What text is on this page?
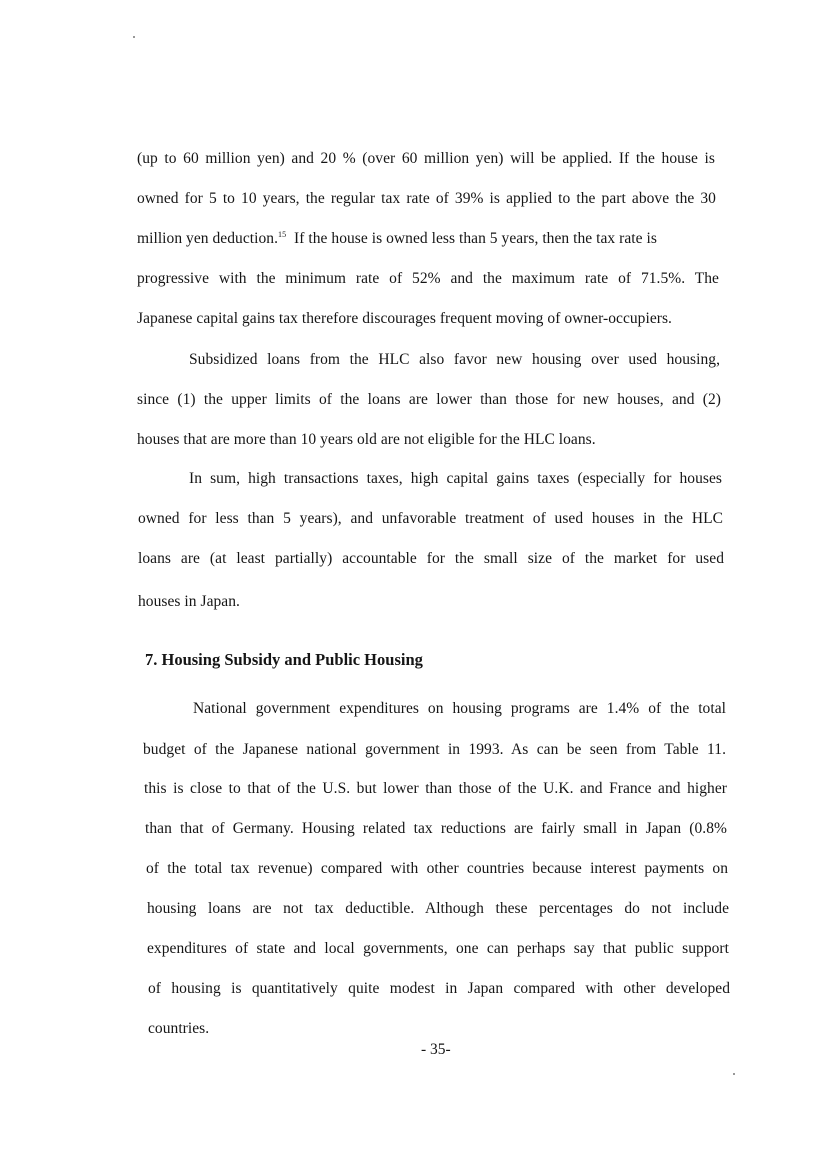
(up to 60 million yen) and 20 % (over 60 million yen) will be applied. If the house is
owned for 5 to 10 years, the regular tax rate of 39% is applied to the part above the 30
million yen deduction.$^{15}$ If the house is owned less than 5 years, then the tax rate is
progressive with the minimum rate of 52% and the maximum rate of 71.5%. The
Japanese capital gains tax therefore discourages frequent moving of owner-occupiers.
Subsidized loans from the HLC also favor new housing over used housing,
since (1) the upper limits of the loans are lower than those for new houses, and (2)
houses that are more than 10 years old are not eligible for the HLC loans.
In sum, high transactions taxes, high capital gains taxes (especially for houses
owned for less than 5 years), and unfavorable treatment of used houses in the HLC
loans are (at least partially) accountable for the small size of the market for used
houses in Japan.
7. Housing Subsidy and Public Housing
National government expenditures on housing programs are 1.4% of the total
budget of the Japanese national government in 1993. As can be seen from Table 11.
this is close to that of the U.S. but lower than those of the U.K. and France and higher
than that of Germany. Housing related tax reductions are fairly small in Japan (0.8%
of the total tax revenue) compared with other countries because interest payments on
housing loans are not tax deductible. Although these percentages do not include
expenditures of state and local governments, one can perhaps say that public support
of housing is quantitatively quite modest in Japan compared with other developed
countries.
- 35-
